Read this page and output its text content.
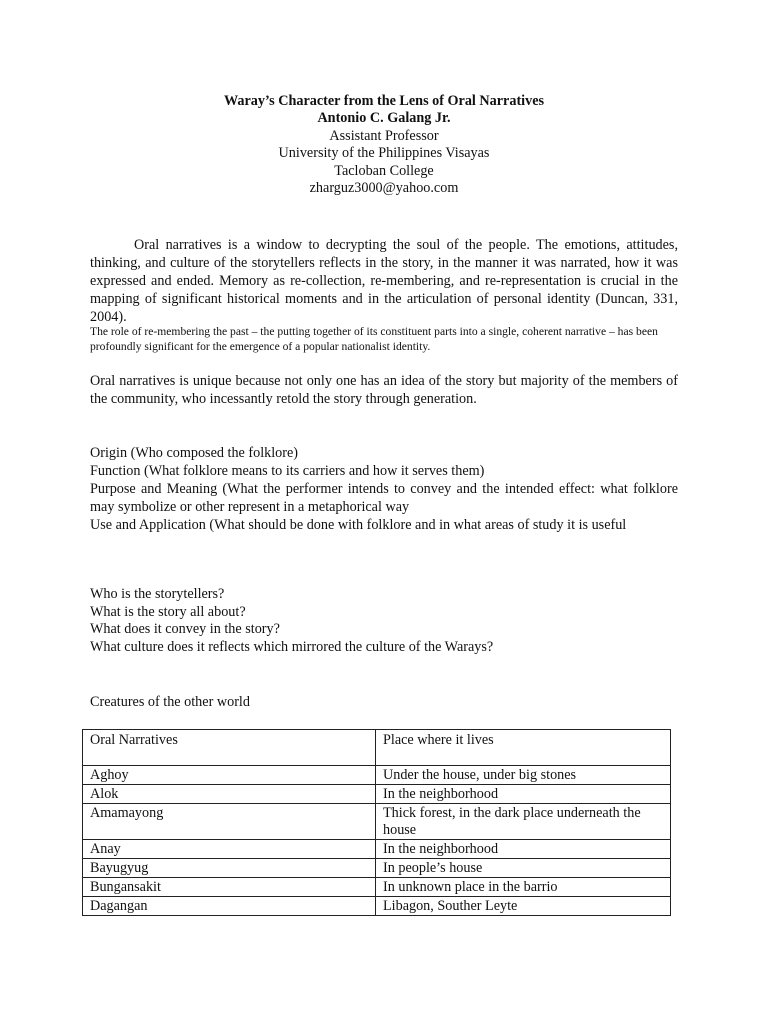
Waray’s Character from the Lens of Oral Narratives
Antonio C. Galang Jr.
Assistant Professor
University of the Philippines Visayas
Tacloban College
zharguz3000@yahoo.com

Oral narratives is a window to decrypting the soul of the people. The emotions, attitudes, thinking, and culture of the storytellers reflects in the story, in the manner it was narrated, how it was expressed and ended. Memory as re-collection, re-membering, and re-representation is crucial in the mapping of significant historical moments and in the articulation of personal identity (Duncan, 331, 2004).

The role of re-membering the past – the putting together of its constituent parts into a single, coherent narrative – has been profoundly significant for the emergence of a popular nationalist identity.

Oral narratives is unique because not only one has an idea of the story but majority of the members of the community, who incessantly retold the story through generation.

Origin (Who composed the folklore)
Function (What folklore means to its carriers and how it serves them)
Purpose and Meaning (What the performer intends to convey and the intended effect: what folklore may symbolize or other represent in a metaphorical way
Use and Application (What should be done with folklore and in what areas of study it is useful
Who is the storytellers?
What is the story all about?
What does it convey in the story?
What culture does it reflects which mirrored the culture of the Warays?

Creatures of the other world

Oral Narratives	Place where it lives
Aghoy	Under the house, under big stones
Alok	In the neighborhood
Amamayong	Thick forest, in the dark place underneath the house
Anay	In the neighborhood
Bayugyug	In people’s house
Bungansakit	In unknown place in the barrio
Dagangan	Libagon, Souther Leyte
